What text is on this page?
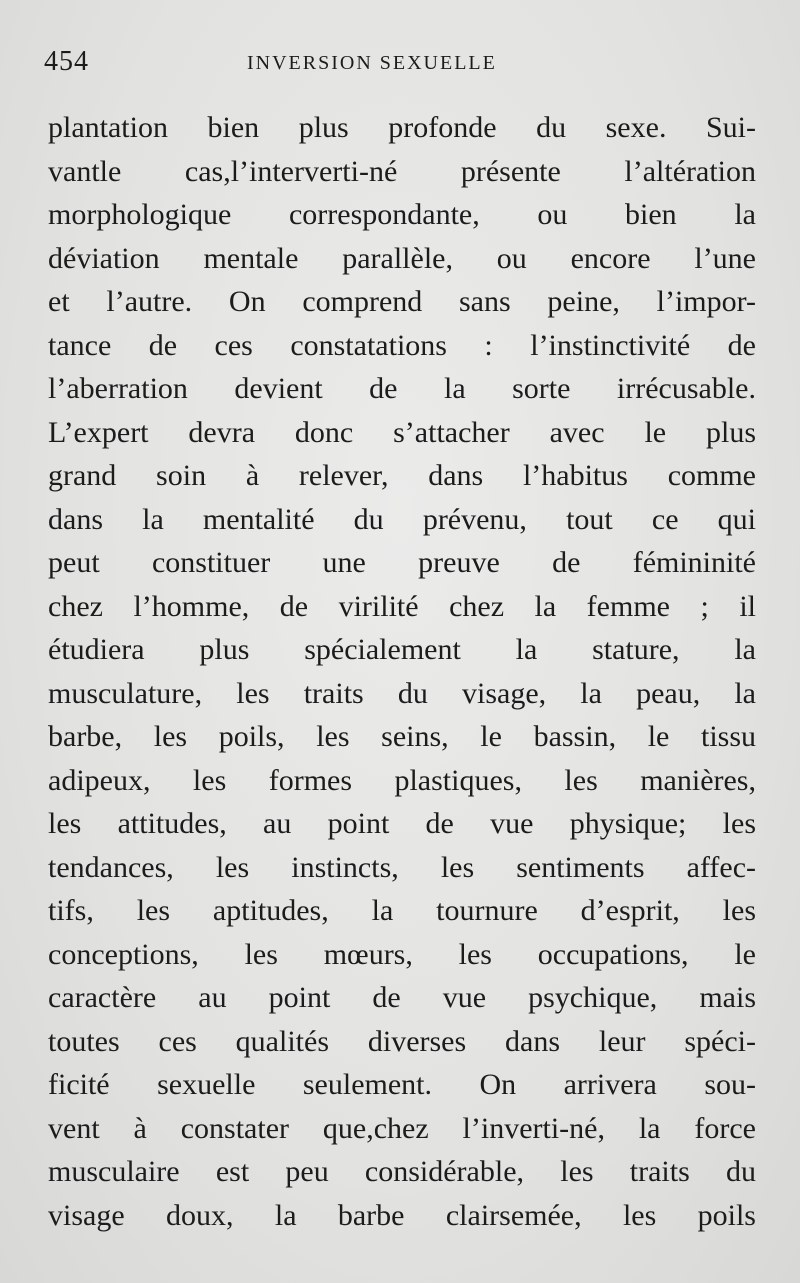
454	INVERSION SEXUELLE
plantation bien plus profonde du sexe. Sui-
vantle cas,l’interverti-né présente l’altération
morphologique correspondante, ou bien la
déviation mentale parallèle, ou encore l’une
et l’autre. On comprend sans peine, l’impor-
tance de ces constatations : l’instinctivité de
l’aberration devient de la sorte irrécusable.
L’expert devra donc s’attacher avec le plus
grand soin à relever, dans l’habitus comme
dans la mentalité du prévenu, tout ce qui
peut constituer une preuve de fémininité
chez l’homme, de virilité chez la femme ; il
étudiera plus spécialement la stature, la
musculature, les traits du visage, la peau, la
barbe, les poils, les seins, le bassin, le tissu
adipeux, les formes plastiques, les manières,
les attitudes, au point de vue physique; les
tendances, les instincts, les sentiments affec-
tifs, les aptitudes, la tournure d’esprit, les
conceptions, les mœurs, les occupations, le
caractère au point de vue psychique, mais
toutes ces qualités diverses dans leur spéci-
ficité sexuelle seulement. On arrivera sou-
vent à constater que,chez l’inverti-né, la force
musculaire est peu considérable, les traits du
visage doux, la barbe clairsemée, les poils
